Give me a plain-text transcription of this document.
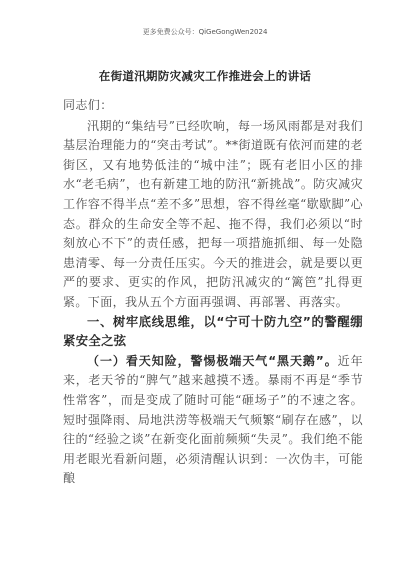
更多免费公众号：QiGeGongWen2024
在街道汛期防灾减灾工作推进会上的讲话

同志们：

汛期的“集结号”已经吹响，每一场风雨都是对我们基层治理能力的“突击考试”。**街道既有依河而建的老街区，又有地势低洼的“城中洼”；既有老旧小区的排水“老毛病”，也有新建工地的防汛“新挑战”。防灾减灾工作容不得半点“差不多”思想，容不得丝毫“歇歇脚”心态。群众的生命安全等不起、拖不得，我们必须以“时刻放心不下”的责任感，把每一项措施抓细、每一处隐患清零、每一分责任压实。今天的推进会，就是要以更严的要求、更实的作风，把防汛减灾的“篱笆”扎得更紧。下面，我从五个方面再强调、再部署、再落实。

一、树牢底线思维，以“宁可十防九空”的警醒绷紧安全之弦

（一）看天知险，警惕极端天气“黑天鹅”。近年来，老天爷的“脾气”越来越摸不透。暴雨不再是“季节性常客”，而是变成了随时可能“砸场子”的不速之客。短时强降雨、局地洪涝等极端天气频繁“刷存在感”，以往的“经验之谈”在新变化面前频频“失灵”。我们绝不能用老眼光看新问题，必须清醒认识到：一次伪丰，可能酿
